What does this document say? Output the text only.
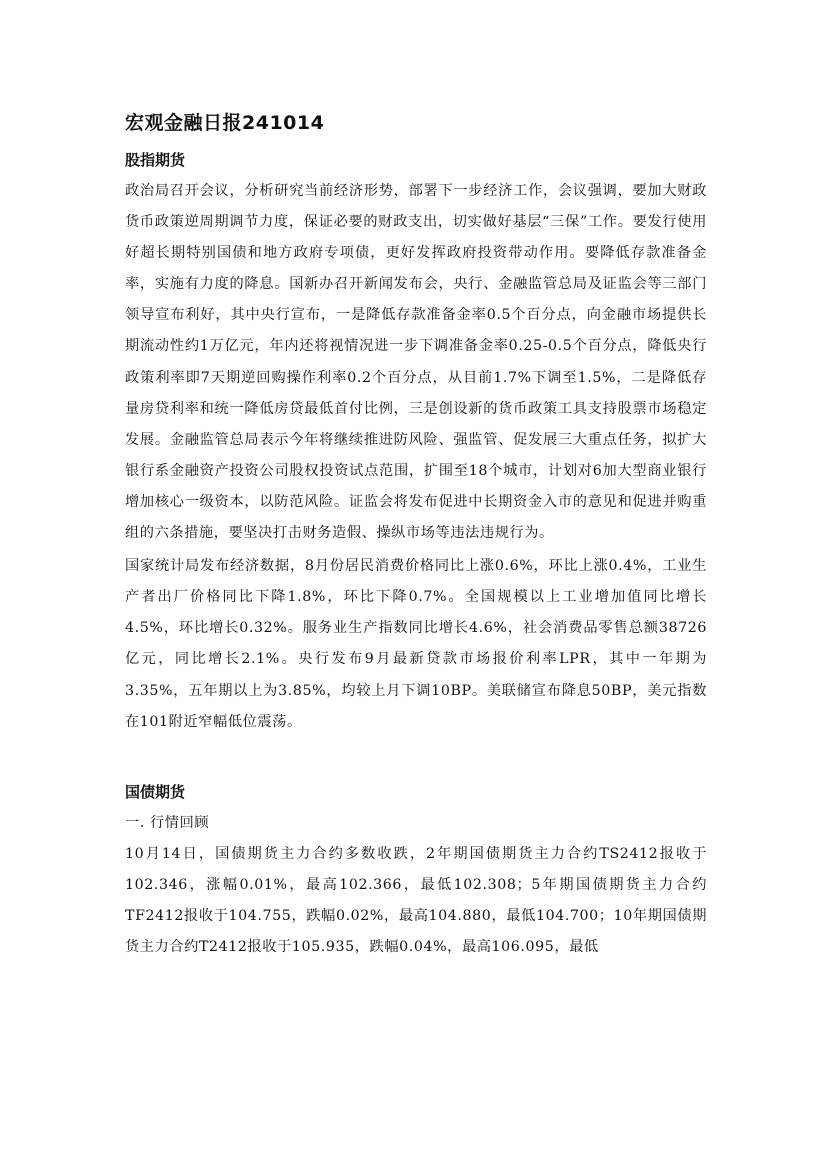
宏观金融日报241014
股指期货

政治局召开会议，分析研究当前经济形势，部署下一步经济工作，会议强调，要加大财政货币政策逆周期调节力度，保证必要的财政支出，切实做好基层“三保”工作。要发行使用好超长期特别国债和地方政府专项债，更好发挥政府投资带动作用。要降低存款准备金率，实施有力度的降息。国新办召开新闻发布会，央行、金融监管总局及证监会等三部门领导宣布利好，其中央行宣布，一是降低存款准备金率0.5个百分点，向金融市场提供长期流动性约1万亿元，年内还将视情况进一步下调准备金率0.25-0.5个百分点，降低央行政策利率即7天期逆回购操作利率0.2个百分点，从目前1.7%下调至1.5%，二是降低存量房贷利率和统一降低房贷最低首付比例，三是创设新的货币政策工具支持股票市场稳定发展。金融监管总局表示今年将继续推进防风险、强监管、促发展三大重点任务，拟扩大银行系金融资产投资公司股权投资试点范围，扩围至18个城市，计划对6加大型商业银行增加核心一级资本，以防范风险。证监会将发布促进中长期资金入市的意见和促进并购重组的六条措施，要坚决打击财务造假、操纵市场等违法违规行为。

国家统计局发布经济数据，8月份居民消费价格同比上涨0.6%，环比上涨0.4%，工业生产者出厂价格同比下降1.8%，环比下降0.7%。全国规模以上工业增加值同比增长4.5%，环比增长0.32%。服务业生产指数同比增长4.6%，社会消费品零售总额38726亿元，同比增长2.1%。央行发布9月最新贷款市场报价利率LPR，其中一年期为3.35%，五年期以上为3.85%，均较上月下调10BP。美联储宣布降息50BP，美元指数在101附近窄幅低位震荡。

国债期货

一. 行情回顾

10月14日，国债期货主力合约多数收跌，2年期国债期货主力合约TS2412报收于102.346，涨幅0.01%，最高102.366，最低102.308；5年期国债期货主力合约TF2412报收于104.755，跌幅0.02%，最高104.880，最低104.700；10年期国债期货主力合约T2412报收于105.935，跌幅0.04%，最高106.095，最低
